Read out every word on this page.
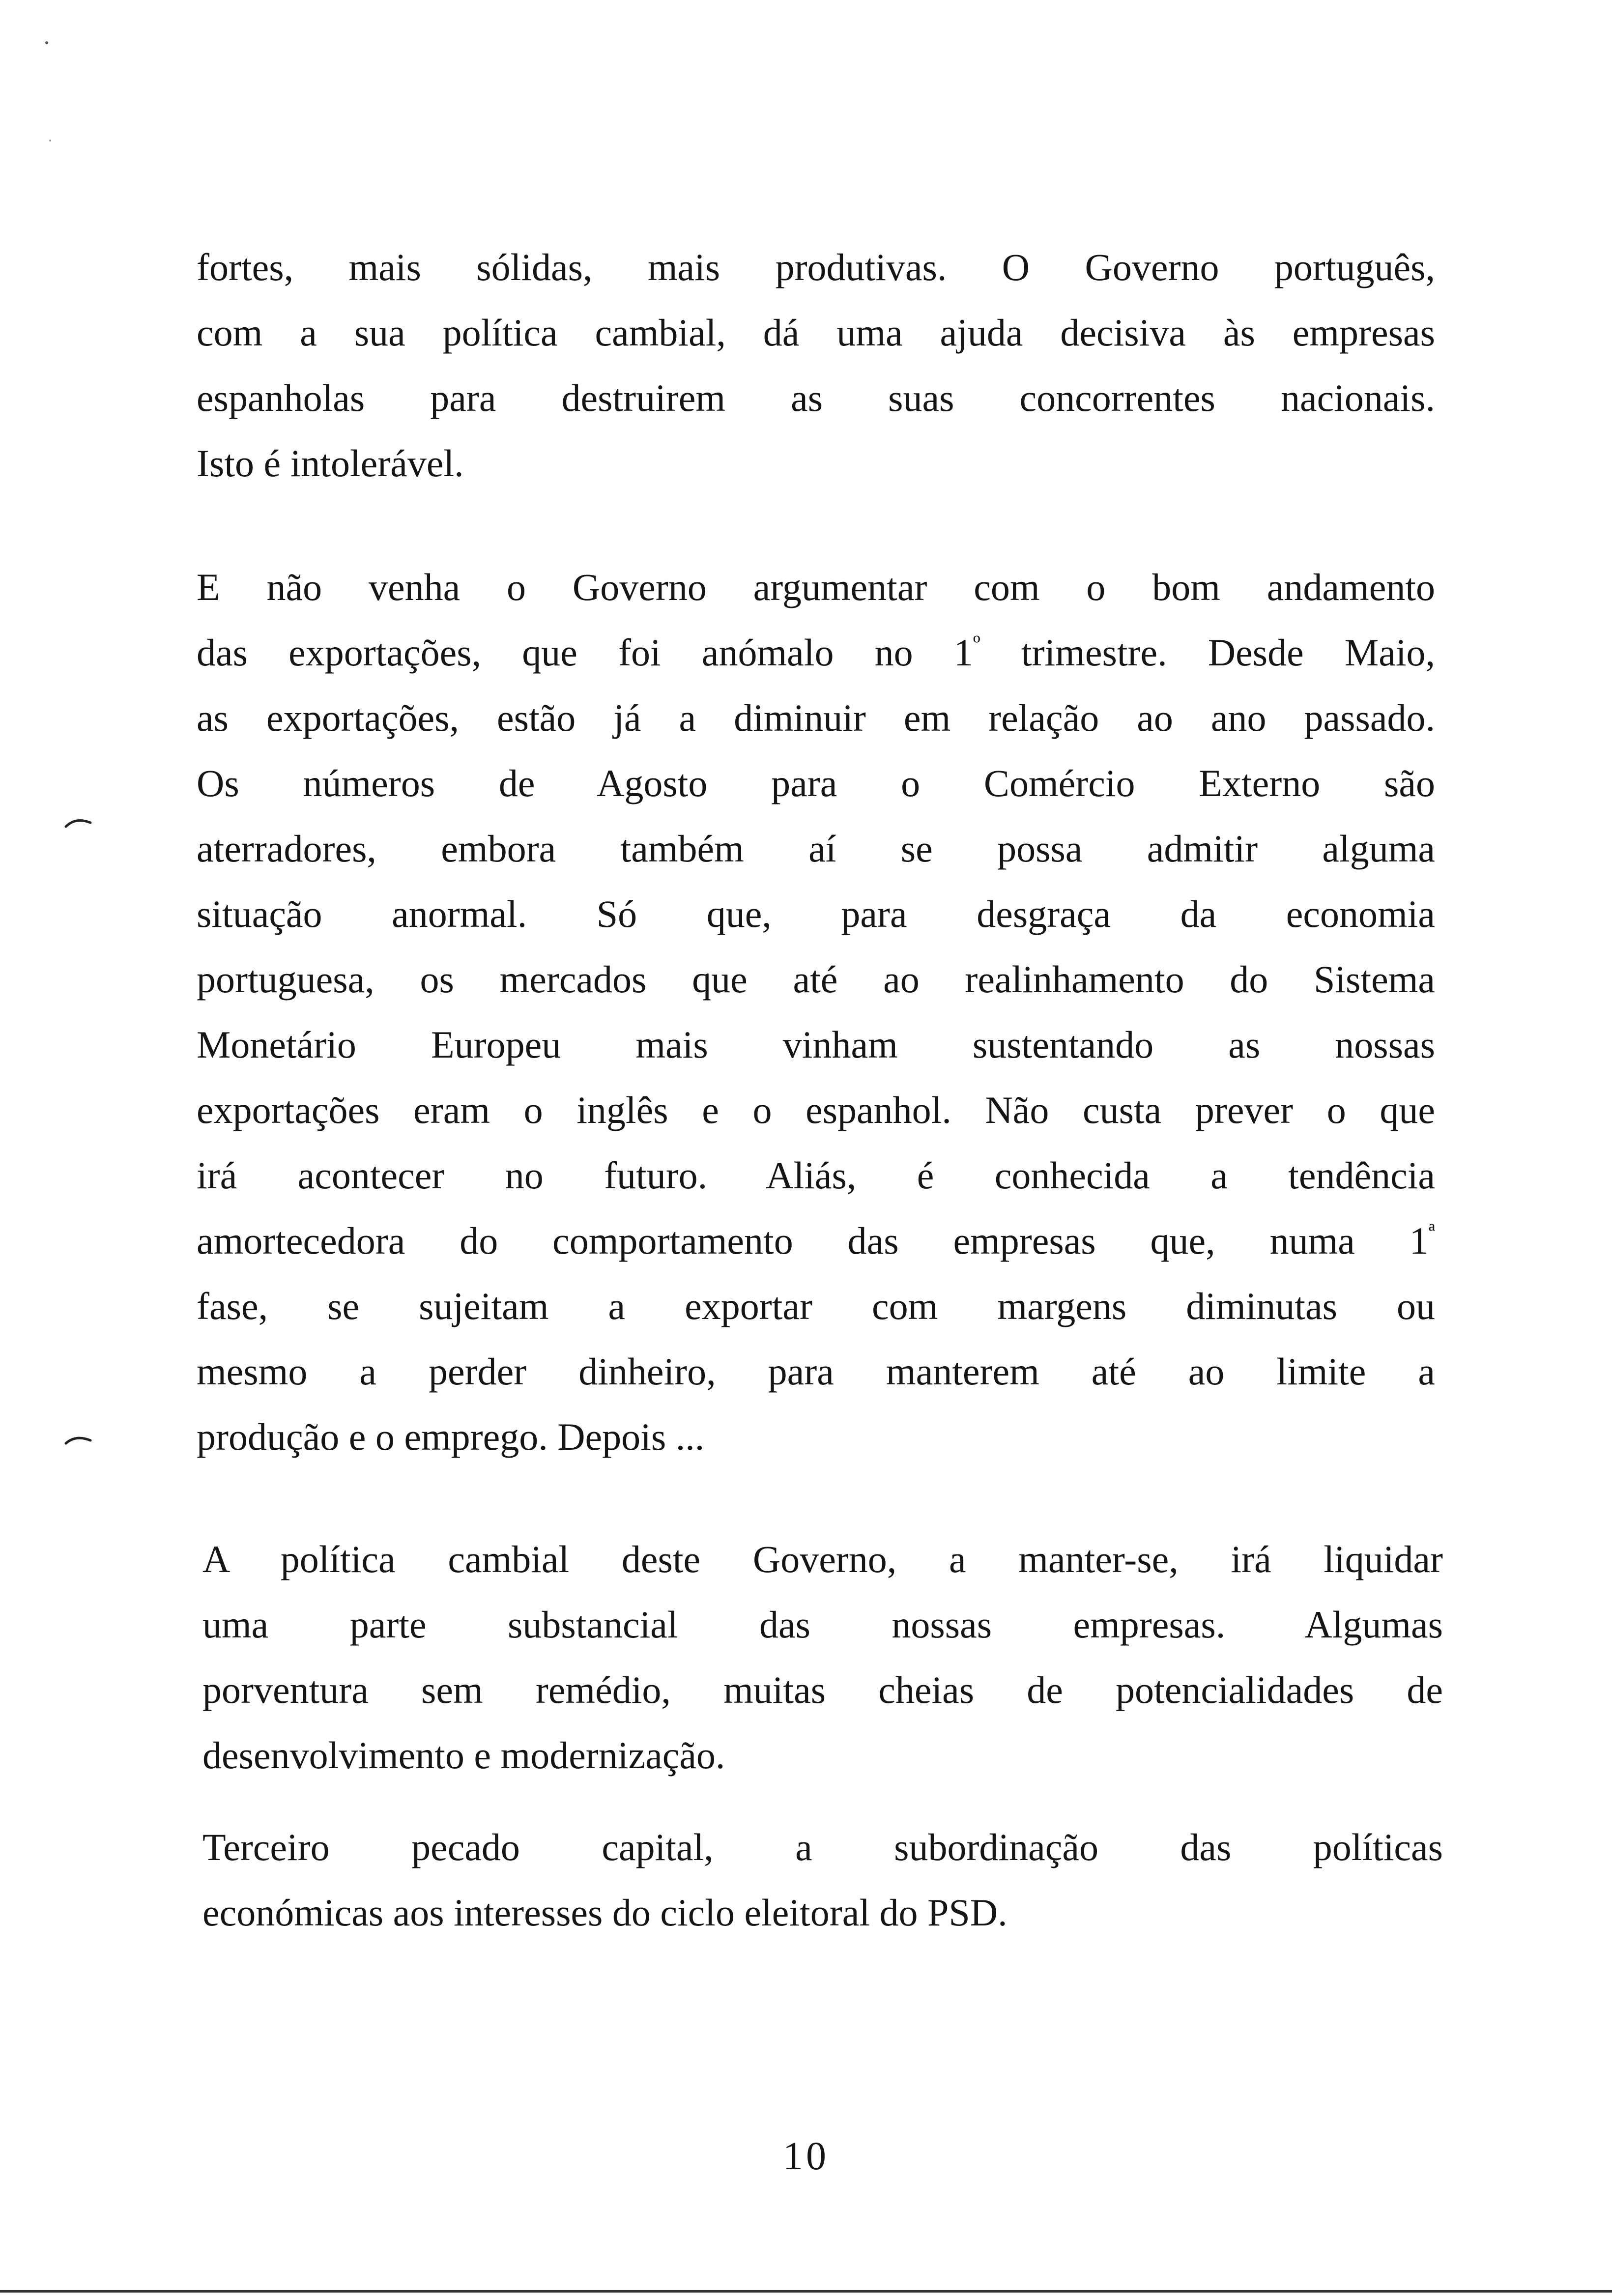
fortes, mais sólidas, mais produtivas. O Governo português,
com a sua política cambial, dá uma ajuda decisiva às empresas
espanholas para destruirem as suas concorrentes nacionais.
Isto é intolerável.
E não venha o Governo argumentar com o bom andamento
das exportações, que foi anómalo no $1^º$ trimestre. Desde Maio,
as exportações, estão já a diminuir em relação ao ano passado.
Os números de Agosto para o Comércio Externo são
aterradores, embora também aí se possa admitir alguma
situação anormal. Só que, para desgraça da economia
portuguesa, os mercados que até ao realinhamento do Sistema
Monetário Europeu mais vinham sustentando as nossas
exportações eram o inglês e o espanhol. Não custa prever o que
irá acontecer no futuro. Aliás, é conhecida a tendência
amortecedora do comportamento das empresas que, numa $1^ª$
fase, se sujeitam a exportar com margens diminutas ou
mesmo a perder dinheiro, para manterem até ao limite a
produção e o emprego. Depois ...
A política cambial deste Governo, a manter-se, irá liquidar
uma parte substancial das nossas empresas. Algumas
porventura sem remédio, muitas cheias de potencialidades de
desenvolvimento e modernização.
Terceiro pecado capital, a subordinação das políticas
económicas aos interesses do ciclo eleitoral do PSD.
10
